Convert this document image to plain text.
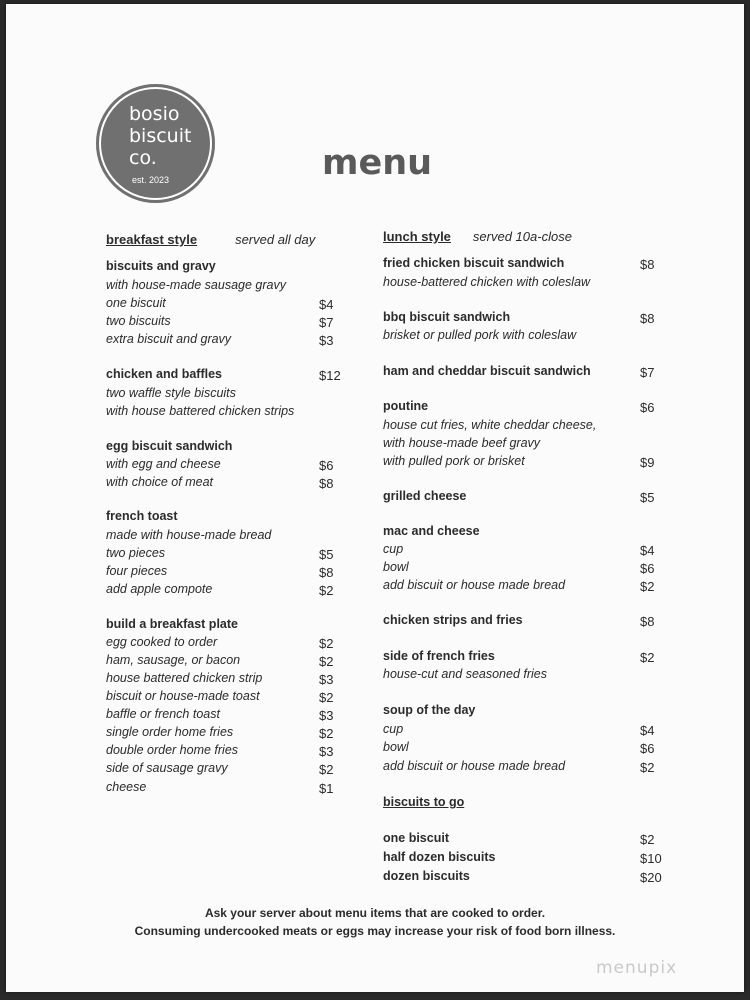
bosio
biscuit
co.
est. 2023	menu
breakfast style	served all day	lunch style served 10a-close
biscuits and gravy
with house-made sausage gravy
one biscuit	$4
two biscuits	$7
extra biscuit and gravy	$3
chicken and baffles	$12
two waffle style biscuits
with house battered chicken strips
egg biscuit sandwich
with egg and cheese	$6
with choice of meat	$8
french toast
made with house-made bread
two pieces	$5
four pieces	$8
add apple compote	$2
build a breakfast plate
egg cooked to order	$2
ham, sausage, or bacon	$2
house battered chicken strip	$3
biscuit or house-made toast	$2
baffle or french toast	$3
single order home fries	$2
double order home fries	$3
side of sausage gravy	$2
cheese	$1
fried chicken biscuit sandwich	$8
house-battered chicken with coleslaw
bbq biscuit sandwich	$8
brisket or pulled pork with coleslaw
ham and cheddar biscuit sandwich	$7
poutine	$6
house cut fries, white cheddar cheese,
with house-made beef gravy
with pulled pork or brisket	$9
grilled cheese	$5
mac and cheese
cup	$4
bowl	$6
add biscuit or house made bread	$2
chicken strips and fries	$8
side of french fries	$2
house-cut and seasoned fries
soup of the day
cup	$4
bowl	$6
add biscuit or house made bread	$2
biscuits to go
one biscuit	$2
half dozen biscuits	$10
dozen biscuits	$20
Ask your server about menu items that are cooked to order.
Consuming undercooked meats or eggs may increase your risk of food born illness.
menupix
